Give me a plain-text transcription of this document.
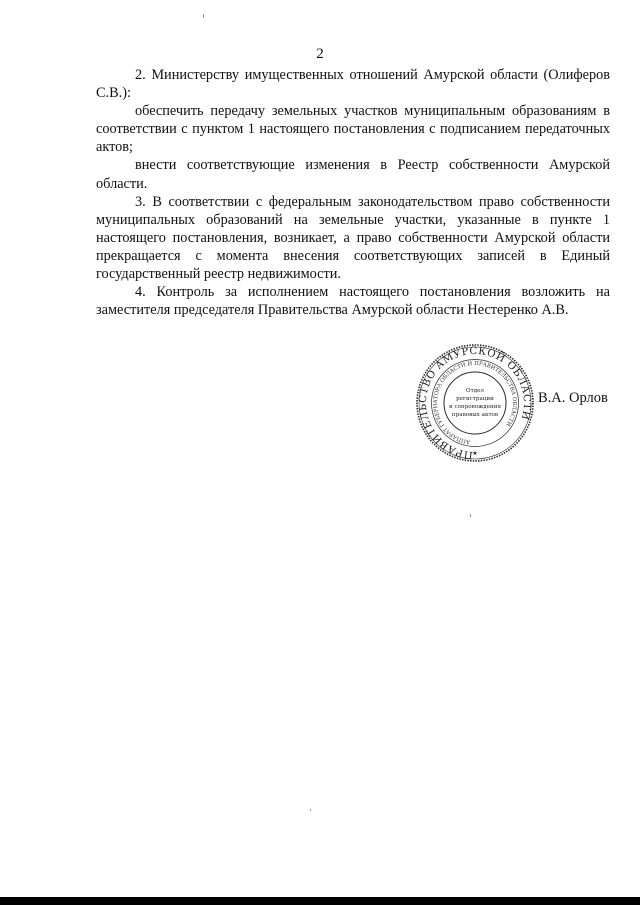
2

2. Министерству имущественных отношений Амурской области (Олиферов С.В.):

обеспечить передачу земельных участков муниципальным образованиям в соответствии с пунктом 1 настоящего постановления с подписанием передаточных актов;

внести соответствующие изменения в Реестр собственности Амурской области.

3. В соответствии с федеральным законодательством право собственности муниципальных образований на земельные участки, указанные в пункте 1 настоящего постановления, возникает, а право собственности Амурской области прекращается с момента внесения соответствующих записей в Единый государственный реестр недвижимости.

4. Контроль за исполнением настоящего постановления возложить на заместителя председателя Правительства Амурской области Нестеренко А.В.

ПРАВИТЕЛЬСТВО АМУРСКОЙ ОБЛАСТИ
АППАРАТ ГУБЕРНАТОРА ОБЛАСТИ И ПРАВИТЕЛЬСТВА ОБЛАСТИ
★
Отдел
регистрации
и сопровождения
правовых актов
В.А. Орлов
